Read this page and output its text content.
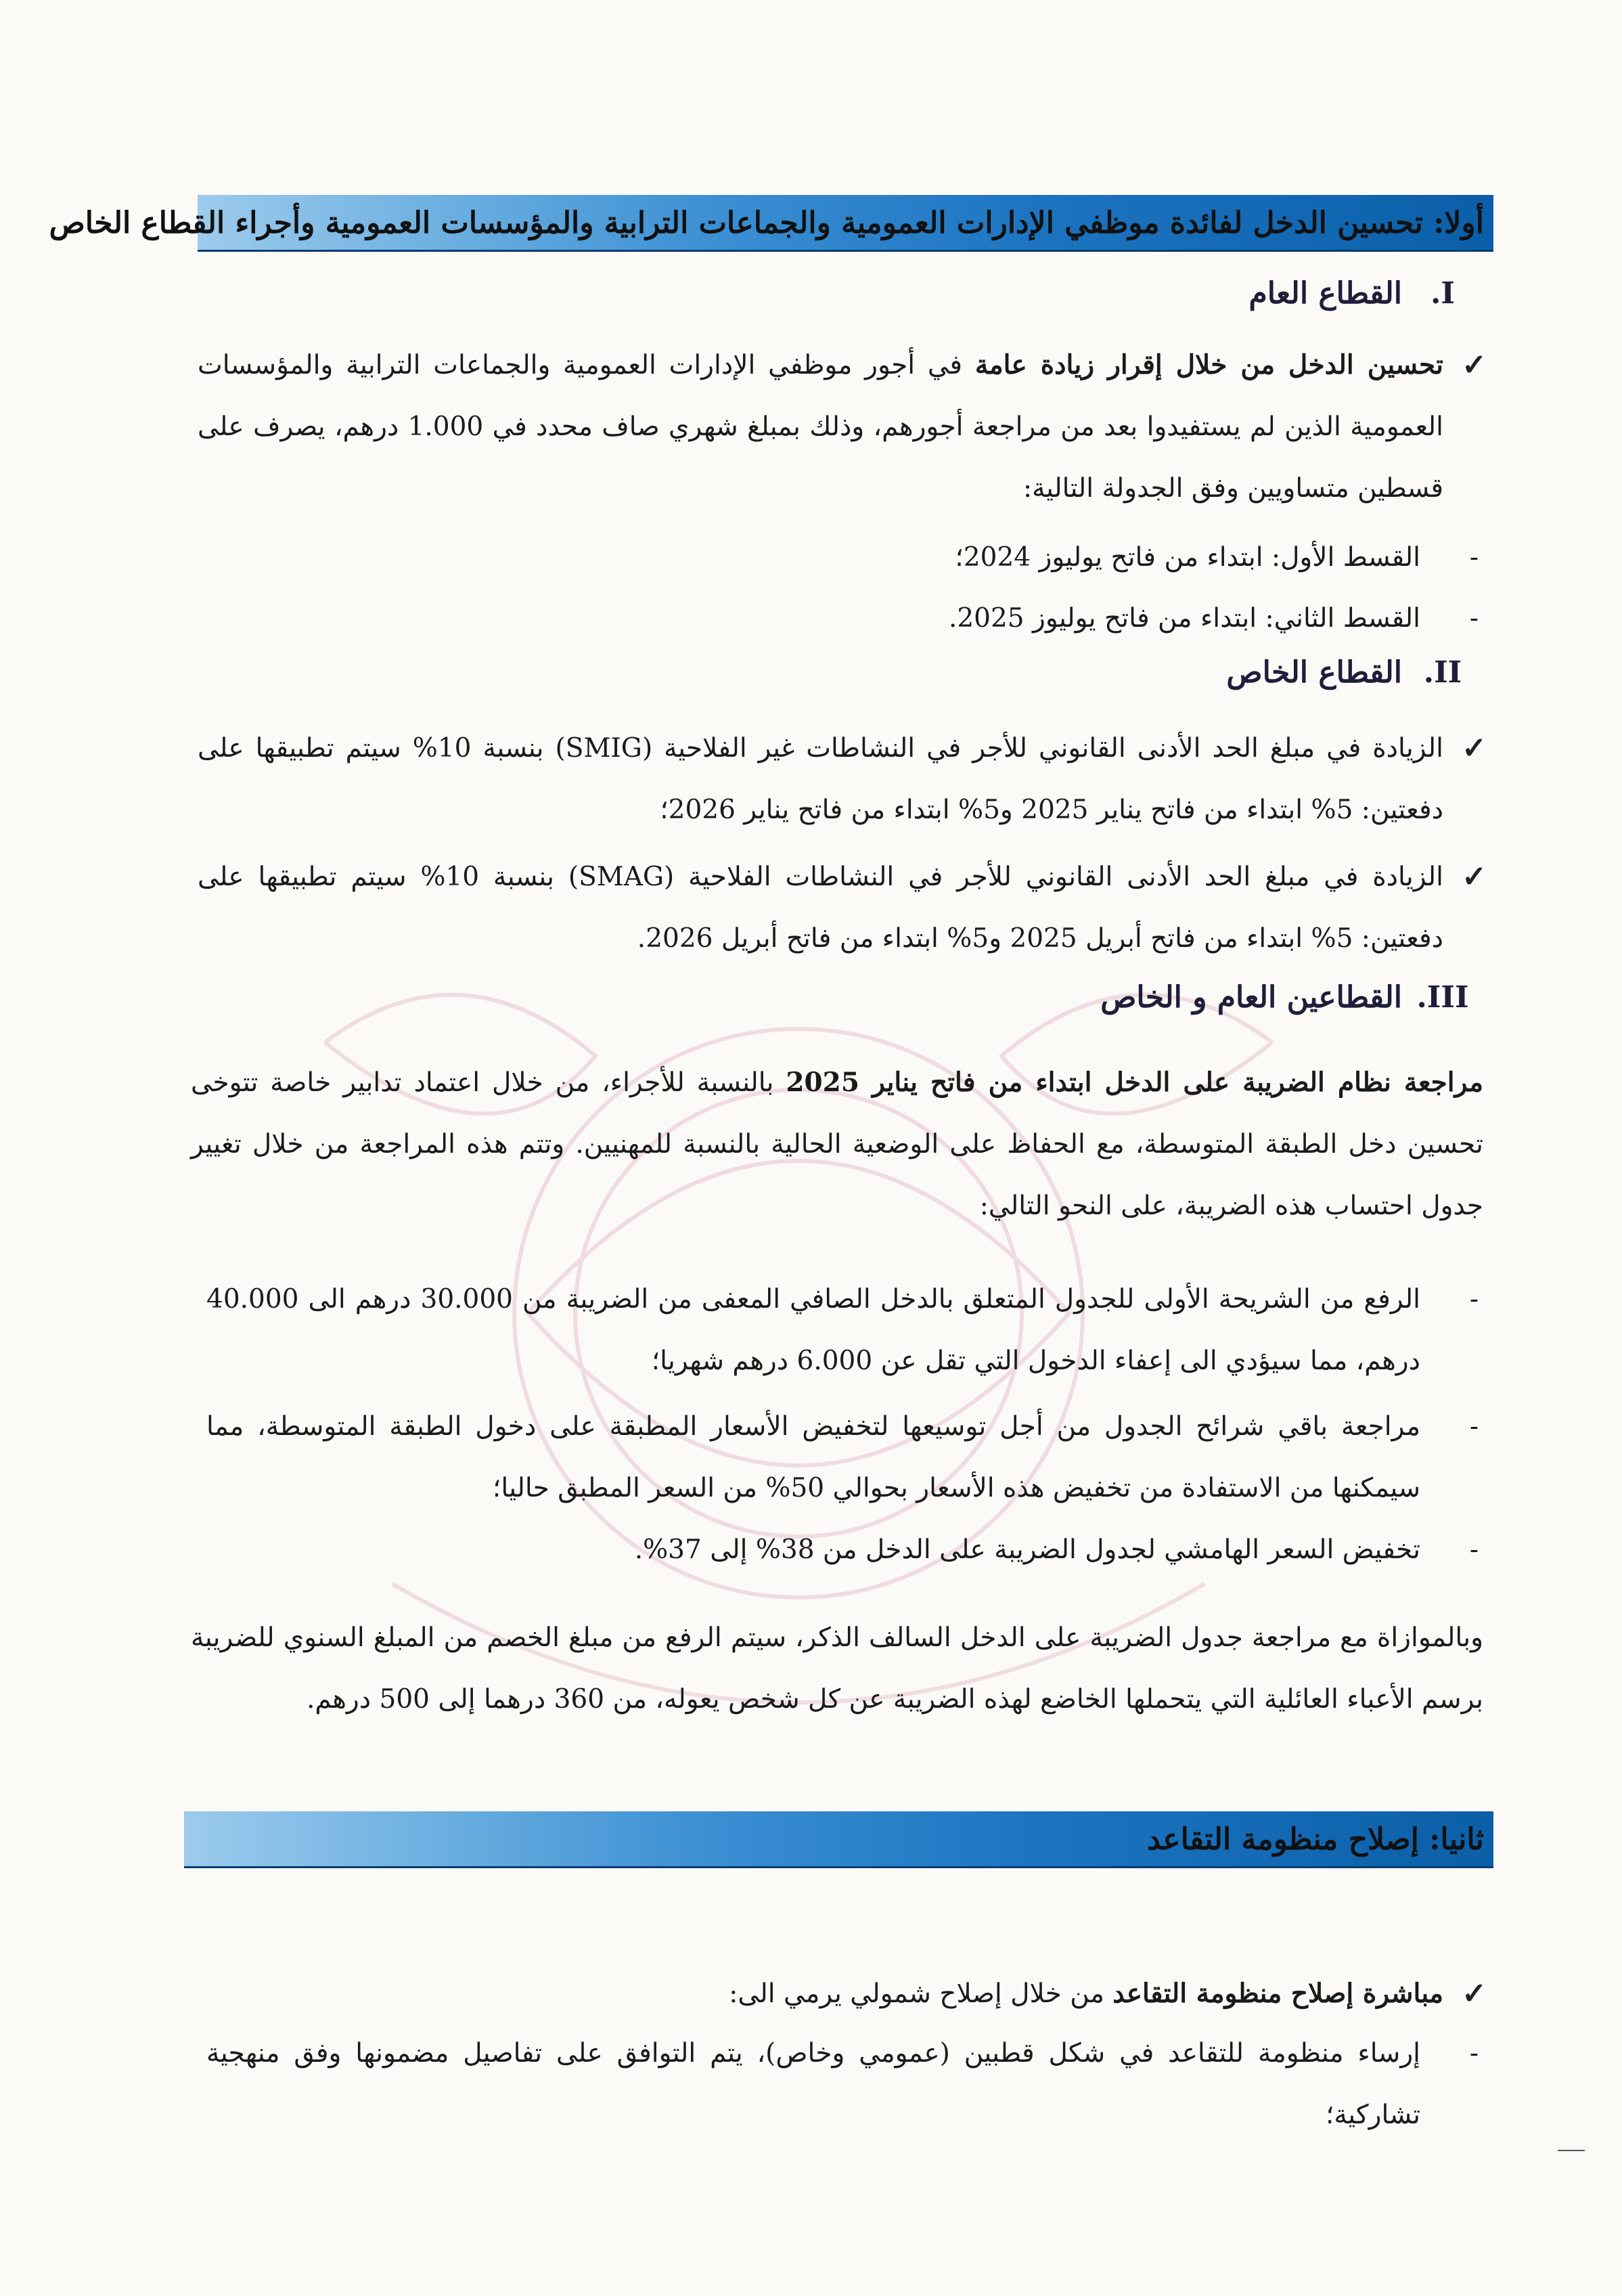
أولا: تحسين الدخل لفائدة موظفي الإدارات العمومية والجماعات الترابية والمؤسسات العمومية وأجراء القطاع الخاص
I.القطاع العام
✓
تحسين الدخل من خلال إقرار زيادة عامة في أجور موظفي الإدارات العمومية والجماعات الترابية والمؤسسات العمومية الذين لم يستفيدوا بعد من مراجعة أجورهم، وذلك بمبلغ شهري صاف محدد في 1.000 درهم، يصرف على قسطين متساويين وفق الجدولة التالية:
-
القسط الأول: ابتداء من فاتح يوليوز 2024؛
-
القسط الثاني: ابتداء من فاتح يوليوز 2025.
II.القطاع الخاص
✓
الزيادة في مبلغ الحد الأدنى القانوني للأجر في النشاطات غير الفلاحية (SMIG) بنسبة 10% سيتم تطبيقها على دفعتين: 5% ابتداء من فاتح يناير 2025 و5% ابتداء من فاتح يناير 2026؛
✓
الزيادة في مبلغ الحد الأدنى القانوني للأجر في النشاطات الفلاحية (SMAG) بنسبة 10% سيتم تطبيقها على دفعتين: 5% ابتداء من فاتح أبريل 2025 و5% ابتداء من فاتح أبريل 2026.
III.القطاعين العام و الخاص
مراجعة نظام الضريبة على الدخل ابتداء من فاتح يناير 2025 بالنسبة للأجراء، من خلال اعتماد تدابير خاصة تتوخى تحسين دخل الطبقة المتوسطة، مع الحفاظ على الوضعية الحالية بالنسبة للمهنيين. وتتم هذه المراجعة من خلال تغيير جدول احتساب هذه الضريبة، على النحو التالي:
-
الرفع من الشريحة الأولى للجدول المتعلق بالدخل الصافي المعفى من الضريبة من 30.000 درهم الى 40.000 درهم، مما سيؤدي الى إعفاء الدخول التي تقل عن 6.000 درهم شهريا؛
-
مراجعة باقي شرائح الجدول من أجل توسيعها لتخفيض الأسعار المطبقة على دخول الطبقة المتوسطة، مما سيمكنها من الاستفادة من تخفيض هذه الأسعار بحوالي 50% من السعر المطبق حاليا؛
-
تخفيض السعر الهامشي لجدول الضريبة على الدخل من 38% إلى 37%.
وبالموازاة مع مراجعة جدول الضريبة على الدخل السالف الذكر، سيتم الرفع من مبلغ الخصم من المبلغ السنوي للضريبة برسم الأعباء العائلية التي يتحملها الخاضع لهذه الضريبة عن كل شخص يعوله، من 360 درهما إلى 500 درهم.
ثانيا: إصلاح منظومة التقاعد
✓
مباشرة إصلاح منظومة التقاعد من خلال إصلاح شمولي يرمي الى:
-
إرساء منظومة للتقاعد في شكل قطبين (عمومي وخاص)، يتم التوافق على تفاصيل مضمونها وفق منهجية تشاركية؛
